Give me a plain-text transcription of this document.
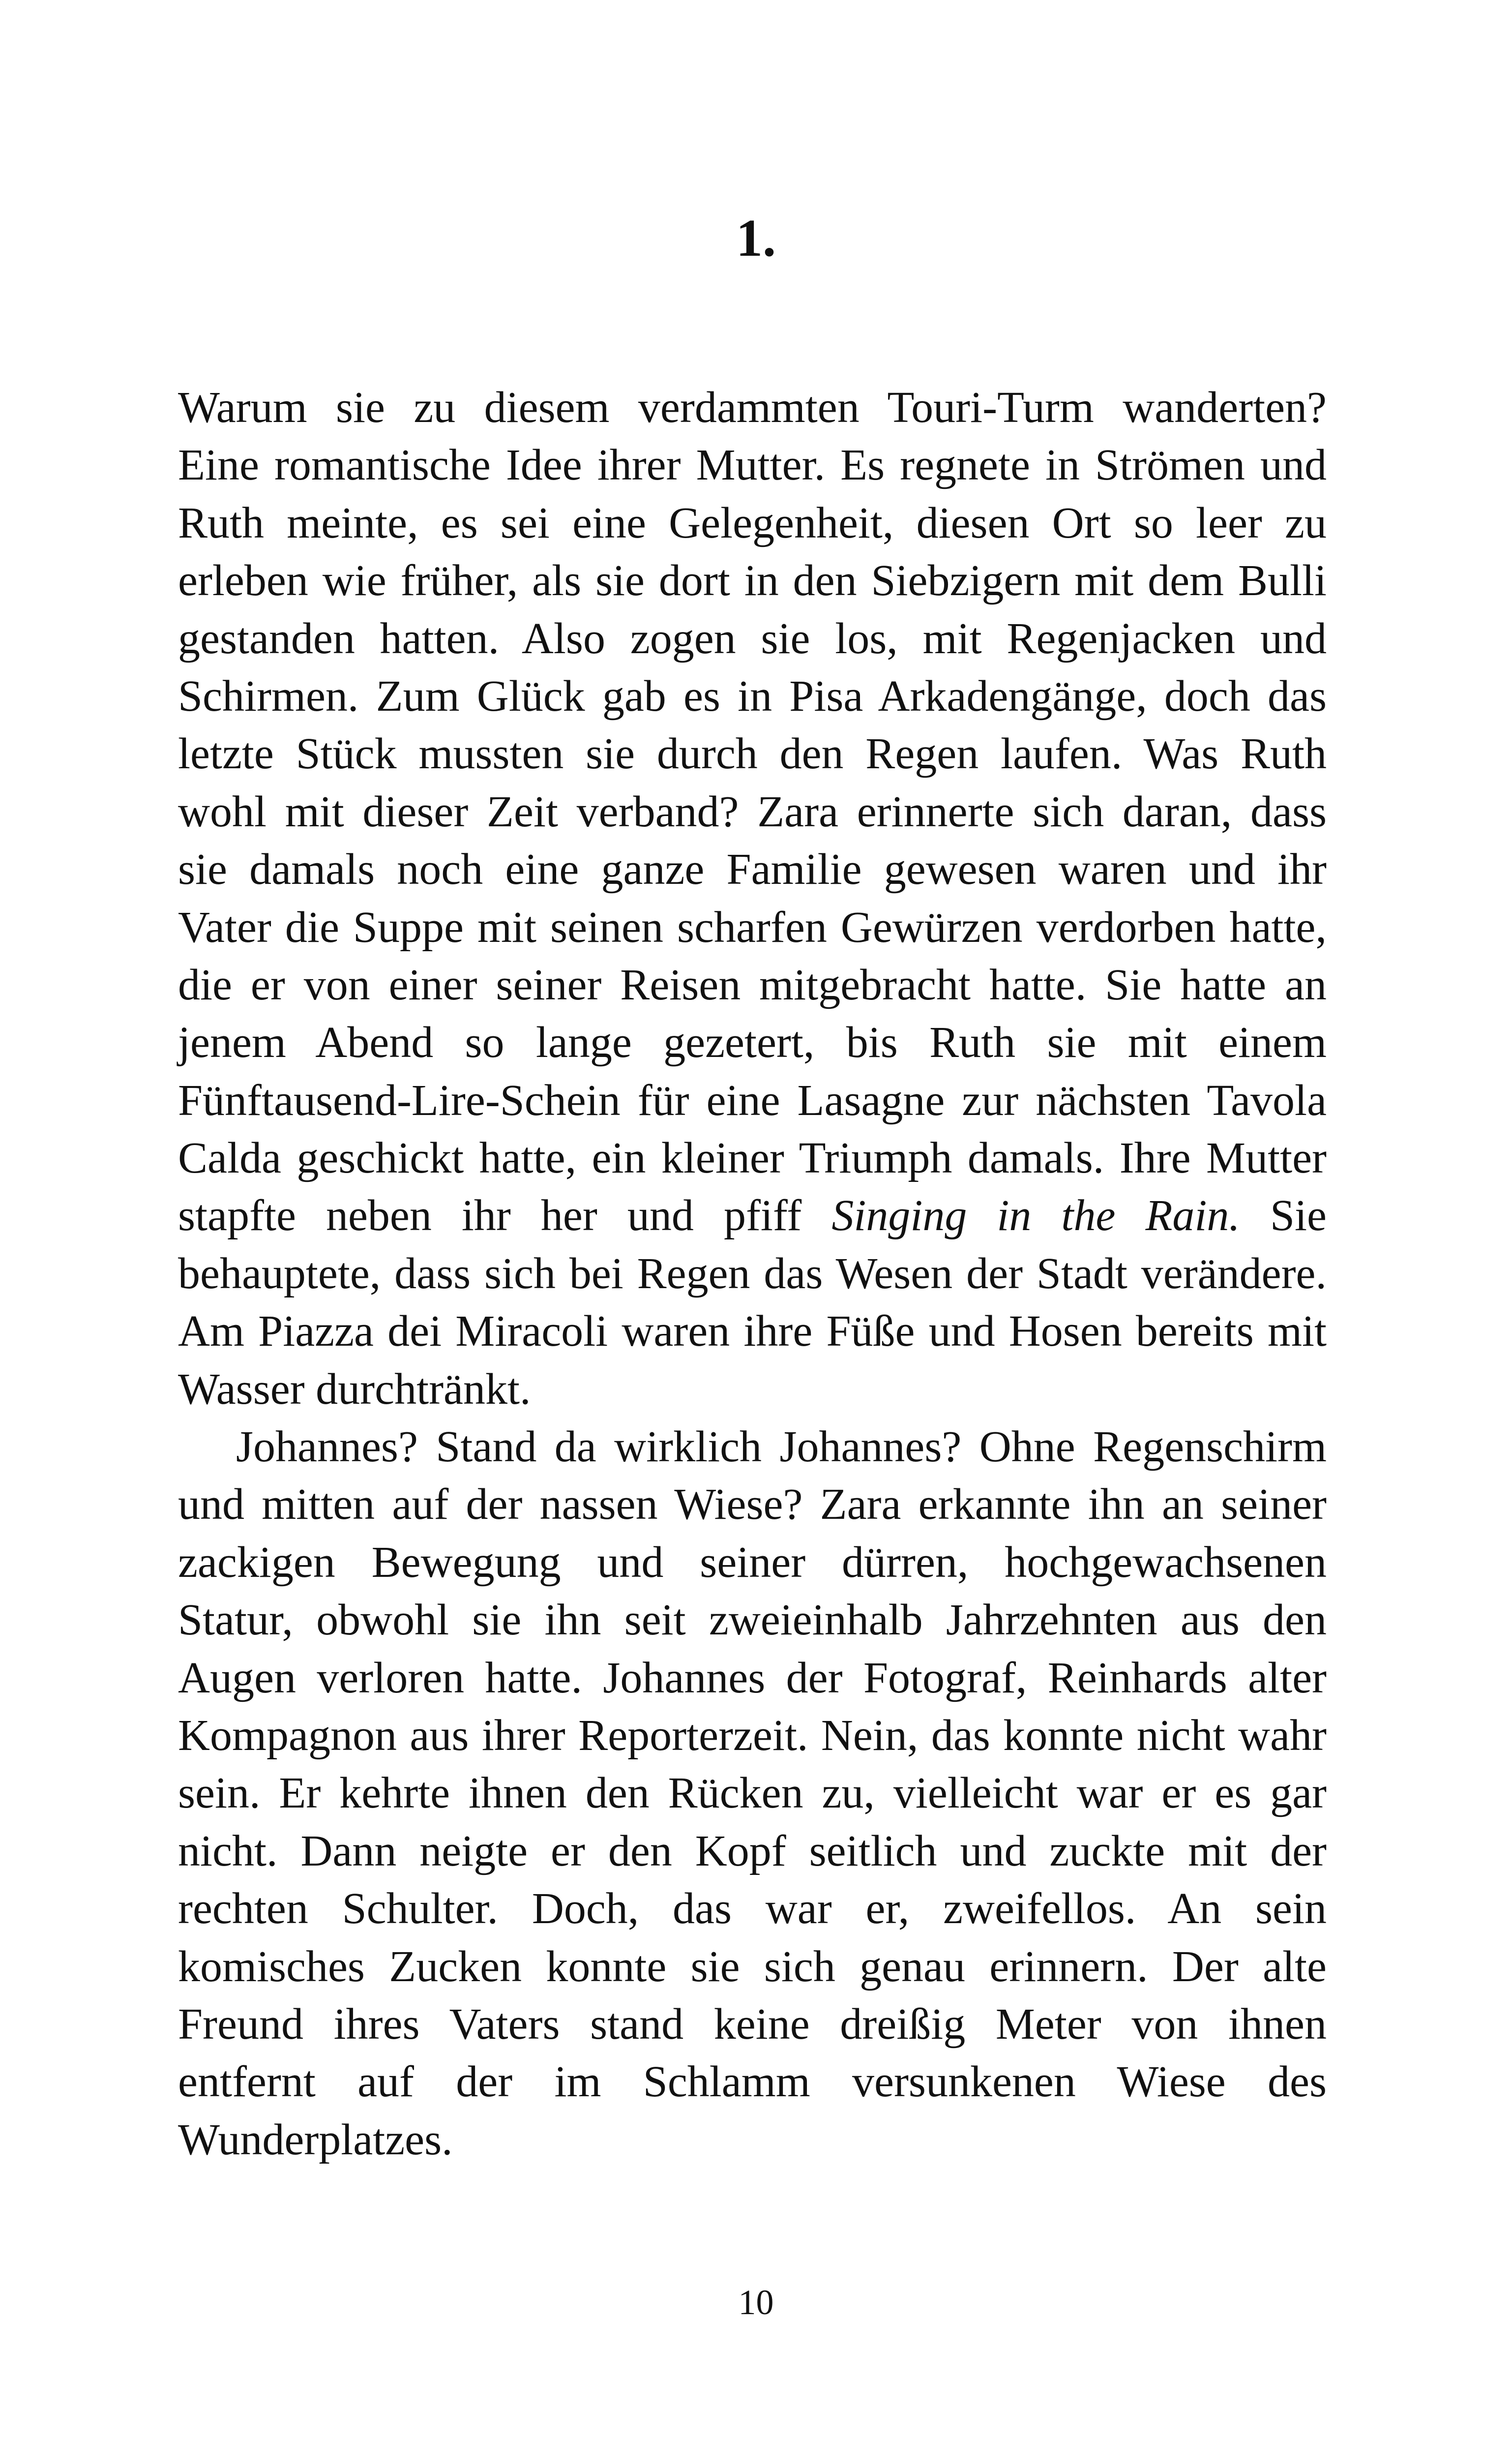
1.
Warum sie zu diesem verdammten Touri-Turm wanderten?
Eine romantische Idee ihrer Mutter. Es regnete in Strömen und
Ruth meinte, es sei eine Gelegenheit, diesen Ort so leer zu
erleben wie früher, als sie dort in den Siebzigern mit dem Bulli
gestanden hatten. Also zogen sie los, mit Regenjacken und
Schirmen. Zum Glück gab es in Pisa Arkadengänge, doch das
letzte Stück mussten sie durch den Regen laufen. Was Ruth
wohl mit dieser Zeit verband? Zara erinnerte sich daran, dass
sie damals noch eine ganze Familie gewesen waren und ihr
Vater die Suppe mit seinen scharfen Gewürzen verdorben hatte,
die er von einer seiner Reisen mitgebracht hatte. Sie hatte an
jenem Abend so lange gezetert, bis Ruth sie mit einem
Fünftausend-Lire-Schein für eine Lasagne zur nächsten Tavola
Calda geschickt hatte, ein kleiner Triumph damals. Ihre Mutter
stapfte neben ihr her und pfiff Singing in the Rain. Sie
behauptete, dass sich bei Regen das Wesen der Stadt verändere.
Am Piazza dei Miracoli waren ihre Füße und Hosen bereits mit
Wasser durchtränkt.
Johannes? Stand da wirklich Johannes? Ohne Regenschirm
und mitten auf der nassen Wiese? Zara erkannte ihn an seiner
zackigen Bewegung und seiner dürren, hochgewachsenen
Statur, obwohl sie ihn seit zweieinhalb Jahrzehnten aus den
Augen verloren hatte. Johannes der Fotograf, Reinhards alter
Kompagnon aus ihrer Reporterzeit. Nein, das konnte nicht wahr
sein. Er kehrte ihnen den Rücken zu, vielleicht war er es gar
nicht. Dann neigte er den Kopf seitlich und zuckte mit der
rechten Schulter. Doch, das war er, zweifellos. An sein
komisches Zucken konnte sie sich genau erinnern. Der alte
Freund ihres Vaters stand keine dreißig Meter von ihnen
entfernt auf der im Schlamm versunkenen Wiese des
Wunderplatzes.
10
